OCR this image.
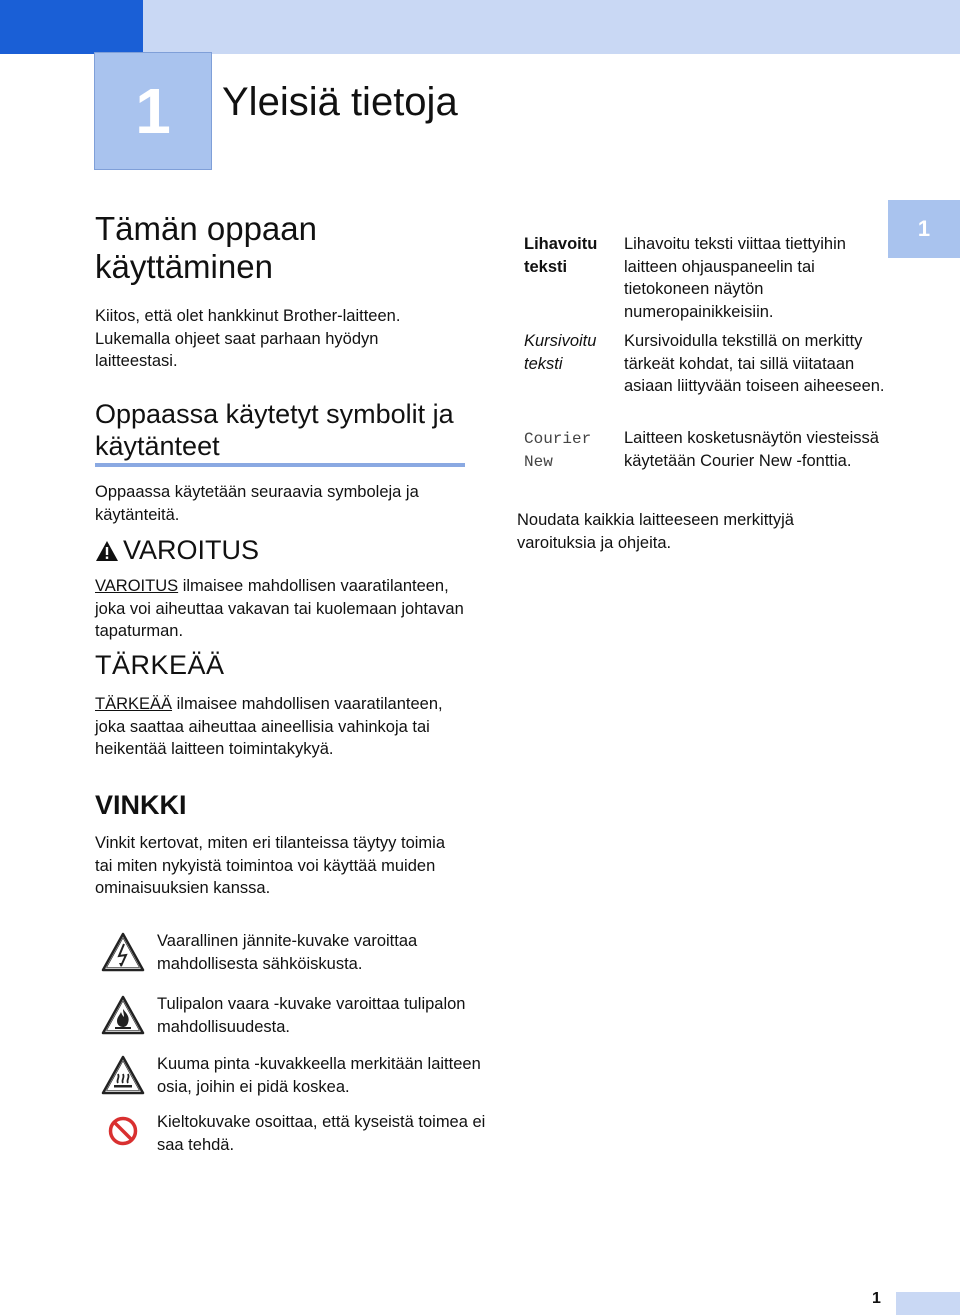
1	Yleisiä tietoja
1
Tämän oppaan käyttäminen
Kiitos, että olet hankkinut Brother-laitteen. Lukemalla ohjeet saat parhaan hyödyn laitteestasi.
Oppaassa käytetyt symbolit ja käytänteet
Oppaassa käytetään seuraavia symboleja ja käytänteitä.
VAROITUS
VAROITUS ilmaisee mahdollisen vaaratilanteen, joka voi aiheuttaa vakavan tai kuolemaan johtavan tapaturman.
TÄRKEÄÄ
TÄRKEÄÄ ilmaisee mahdollisen vaaratilanteen, joka saattaa aiheuttaa aineellisia vahinkoja tai heikentää laitteen toimintakykyä.
VINKKI
Vinkit kertovat, miten eri tilanteissa täytyy toimia tai miten nykyistä toimintoa voi käyttää muiden ominaisuuksien kanssa.
Vaarallinen jännite-kuvake varoittaa mahdollisesta sähköiskusta.
Tulipalon vaara -kuvake varoittaa tulipalon mahdollisuudesta.
Kuuma pinta -kuvakkeella merkitään laitteen osia, joihin ei pidä koskea.
Kieltokuvake osoittaa, että kyseistä toimea ei saa tehdä.
Lihavoitu teksti
Lihavoitu teksti viittaa tiettyihin laitteen ohjauspaneelin tai tietokoneen näytön numeropainikkeisiin.
Kursivoitu teksti
Kursivoidulla tekstillä on merkitty tärkeät kohdat, tai sillä viitataan asiaan liittyvään toiseen aiheeseen.
Courier New
Laitteen kosketusnäytön viesteissä käytetään Courier New -fonttia.
Noudata kaikkia laitteeseen merkittyjä varoituksia ja ohjeita.
1
